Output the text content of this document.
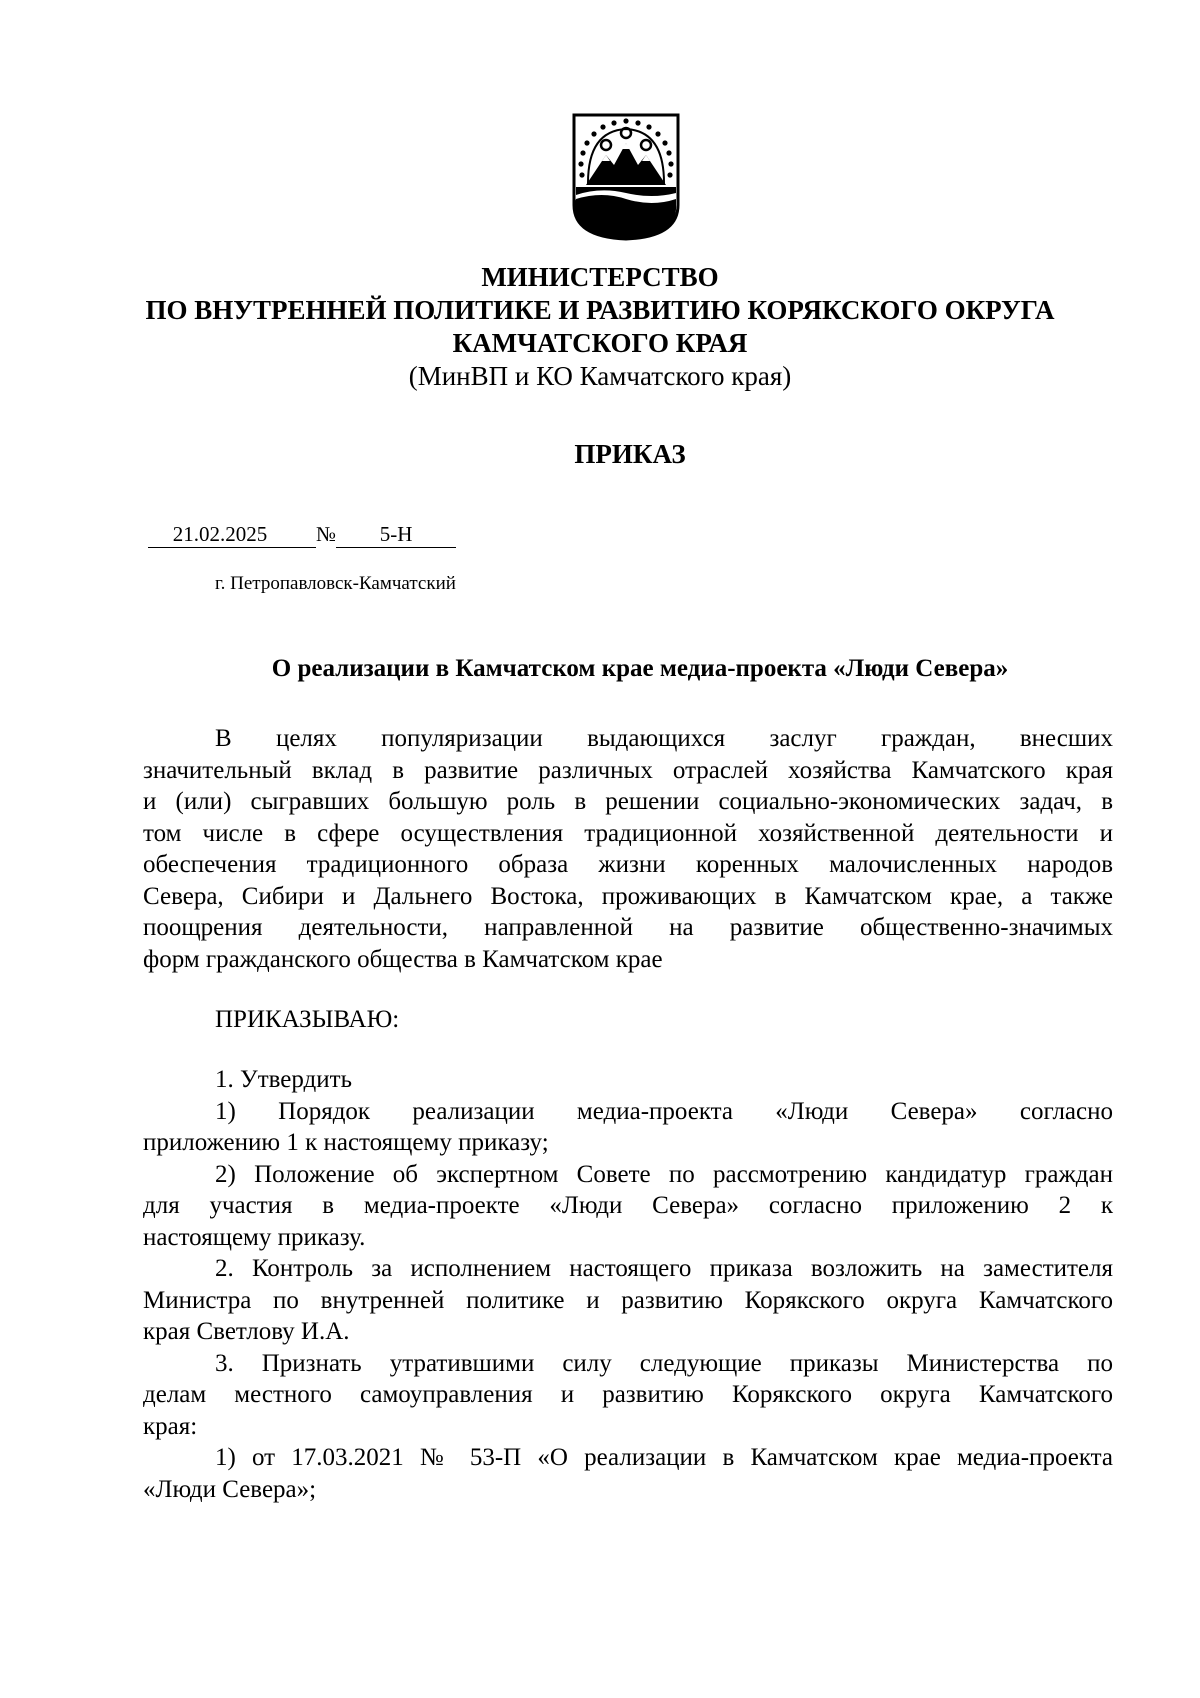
МИНИСТЕРСТВО
ПО ВНУТРЕННЕЙ ПОЛИТИКЕ И РАЗВИТИЮ КОРЯКСКОГО ОКРУГА
КАМЧАТСКОГО КРАЯ
(МинВП и КО Камчатского края)
ПРИКАЗ
21.02.2025 № 5-Н
г. Петропавловск-Камчатский
О реализации в Камчатском крае медиа-проекта «Люди Севера»

В целях популяризации выдающихся заслуг граждан, внесших

значительный вклад в развитие различных отраслей хозяйства Камчатского края

и (или) сыгравших большую роль в решении социально-экономических задач, в

том числе в сфере осуществления традиционной хозяйственной деятельности и

обеспечения традиционного образа жизни коренных малочисленных народов

Севера, Сибири и Дальнего Востока, проживающих в Камчатском крае, а также

поощрения деятельности, направленной на развитие общественно-значимых

форм гражданского общества в Камчатском крае

ПРИКАЗЫВАЮ:

1. Утвердить

1) Порядок реализации медиа-проекта «Люди Севера» согласно

приложению 1 к настоящему приказу;

2) Положение об экспертном Совете по рассмотрению кандидатур граждан

для участия в медиа-проекте «Люди Севера» согласно приложению 2 к

настоящему приказу.

2. Контроль за исполнением настоящего приказа возложить на заместителя

Министра по внутренней политике и развитию Корякского округа Камчатского

края Светлову И.А.

3. Признать утратившими силу следующие приказы Министерства по

делам местного самоуправления и развитию Корякского округа Камчатского

края:

1) от 17.03.2021 № 53-П «О реализации в Камчатском крае медиа-проекта

«Люди Севера»;
